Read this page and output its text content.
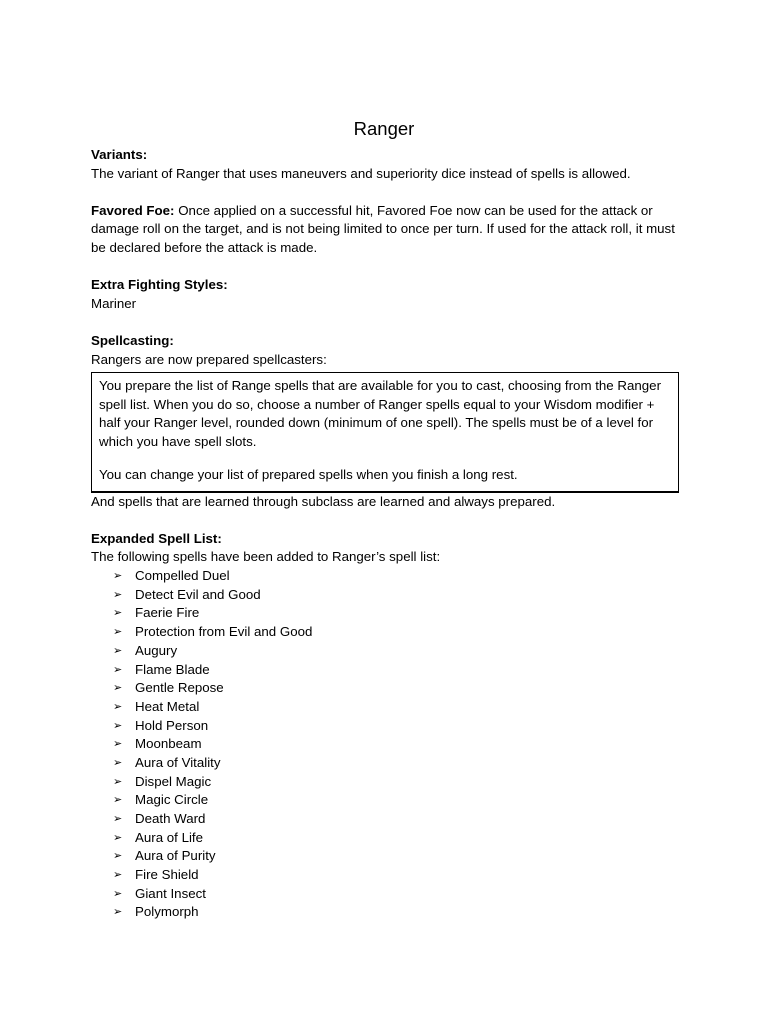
Ranger

Variants:

The variant of Ranger that uses maneuvers and superiority dice instead of spells is allowed.

Favored Foe: Once applied on a successful hit, Favored Foe now can be used for the attack or damage roll on the target, and is not being limited to once per turn. If used for the attack roll, it must be declared before the attack is made.

Extra Fighting Styles:

Mariner

Spellcasting:

Rangers are now prepared spellcasters:

You prepare the list of Range spells that are available for you to cast, choosing from the Ranger spell list. When you do so, choose a number of Ranger spells equal to your Wisdom modifier + half your Ranger level, rounded down (minimum of one spell). The spells must be of a level for which you have spell slots.

You can change your list of prepared spells when you finish a long rest.

And spells that are learned through subclass are learned and always prepared.

Expanded Spell List:

The following spells have been added to Ranger’s spell list:

➢ Compelled Duel
➢ Detect Evil and Good
➢ Faerie Fire
➢ Protection from Evil and Good
➢ Augury
➢ Flame Blade
➢ Gentle Repose
➢ Heat Metal
➢ Hold Person
➢ Moonbeam
➢ Aura of Vitality
➢ Dispel Magic
➢ Magic Circle
➢ Death Ward
➢ Aura of Life
➢ Aura of Purity
➢ Fire Shield
➢ Giant Insect
➢ Polymorph
